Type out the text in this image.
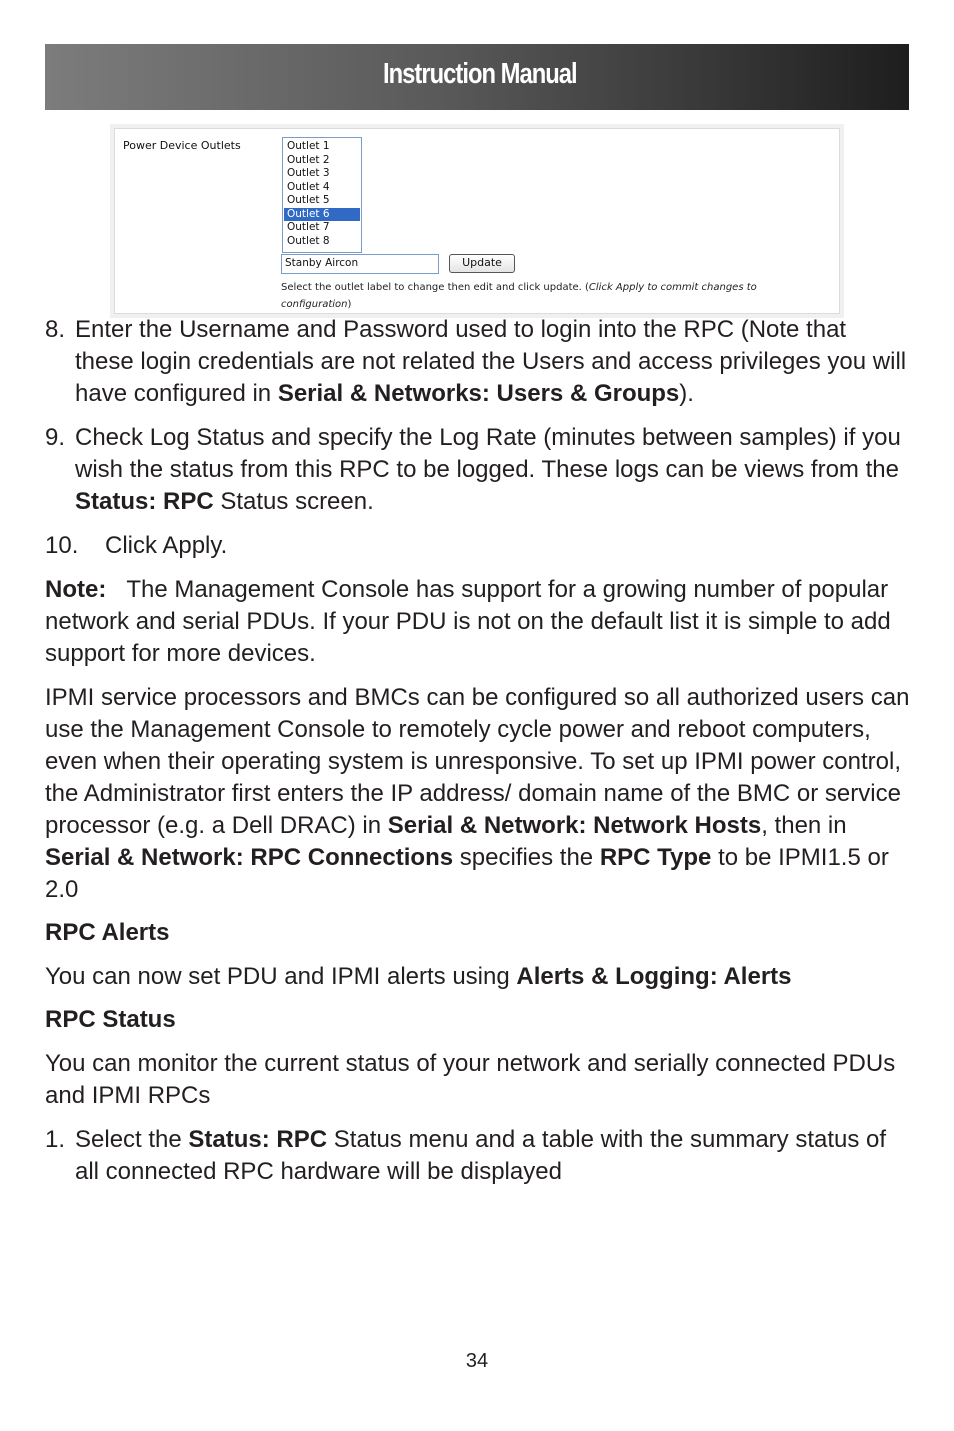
Instruction Manual
Power Device Outlets	Outlet 1
Outlet 2
Outlet 3
Outlet 4
Outlet 5
Outlet 6
Outlet 7
Outlet 8
Stanby Aircon	Update
Select the outlet label to change then edit and click update. (Click Apply to commit changes to configuration)

8. Enter the Username and Password used to login into the RPC (Note that these login credentials are not related the Users and access privileges you will have configured in Serial & Networks: Users & Groups).

9. Check Log Status and specify the Log Rate (minutes between samples) if you wish the status from this RPC to be logged. These logs can be views from the Status: RPC Status screen.

10. Click Apply.

Note: The Management Console has support for a growing number of popular network and serial PDUs. If your PDU is not on the default list it is simple to add support for more devices.

IPMI service processors and BMCs can be configured so all authorized users can use the Management Console to remotely cycle power and reboot computers, even when their operating system is unresponsive. To set up IPMI power control, the Administrator first enters the IP address/ domain name of the BMC or service processor (e.g. a Dell DRAC) in Serial & Network: Network Hosts, then in Serial & Network: RPC Connections specifies the RPC Type to be IPMI1.5 or 2.0

RPC Alerts

You can now set PDU and IPMI alerts using Alerts & Logging: Alerts

RPC Status

You can monitor the current status of your network and serially connected PDUs and IPMI RPCs

1. Select the Status: RPC Status menu and a table with the summary status of all connected RPC hardware will be displayed

34
